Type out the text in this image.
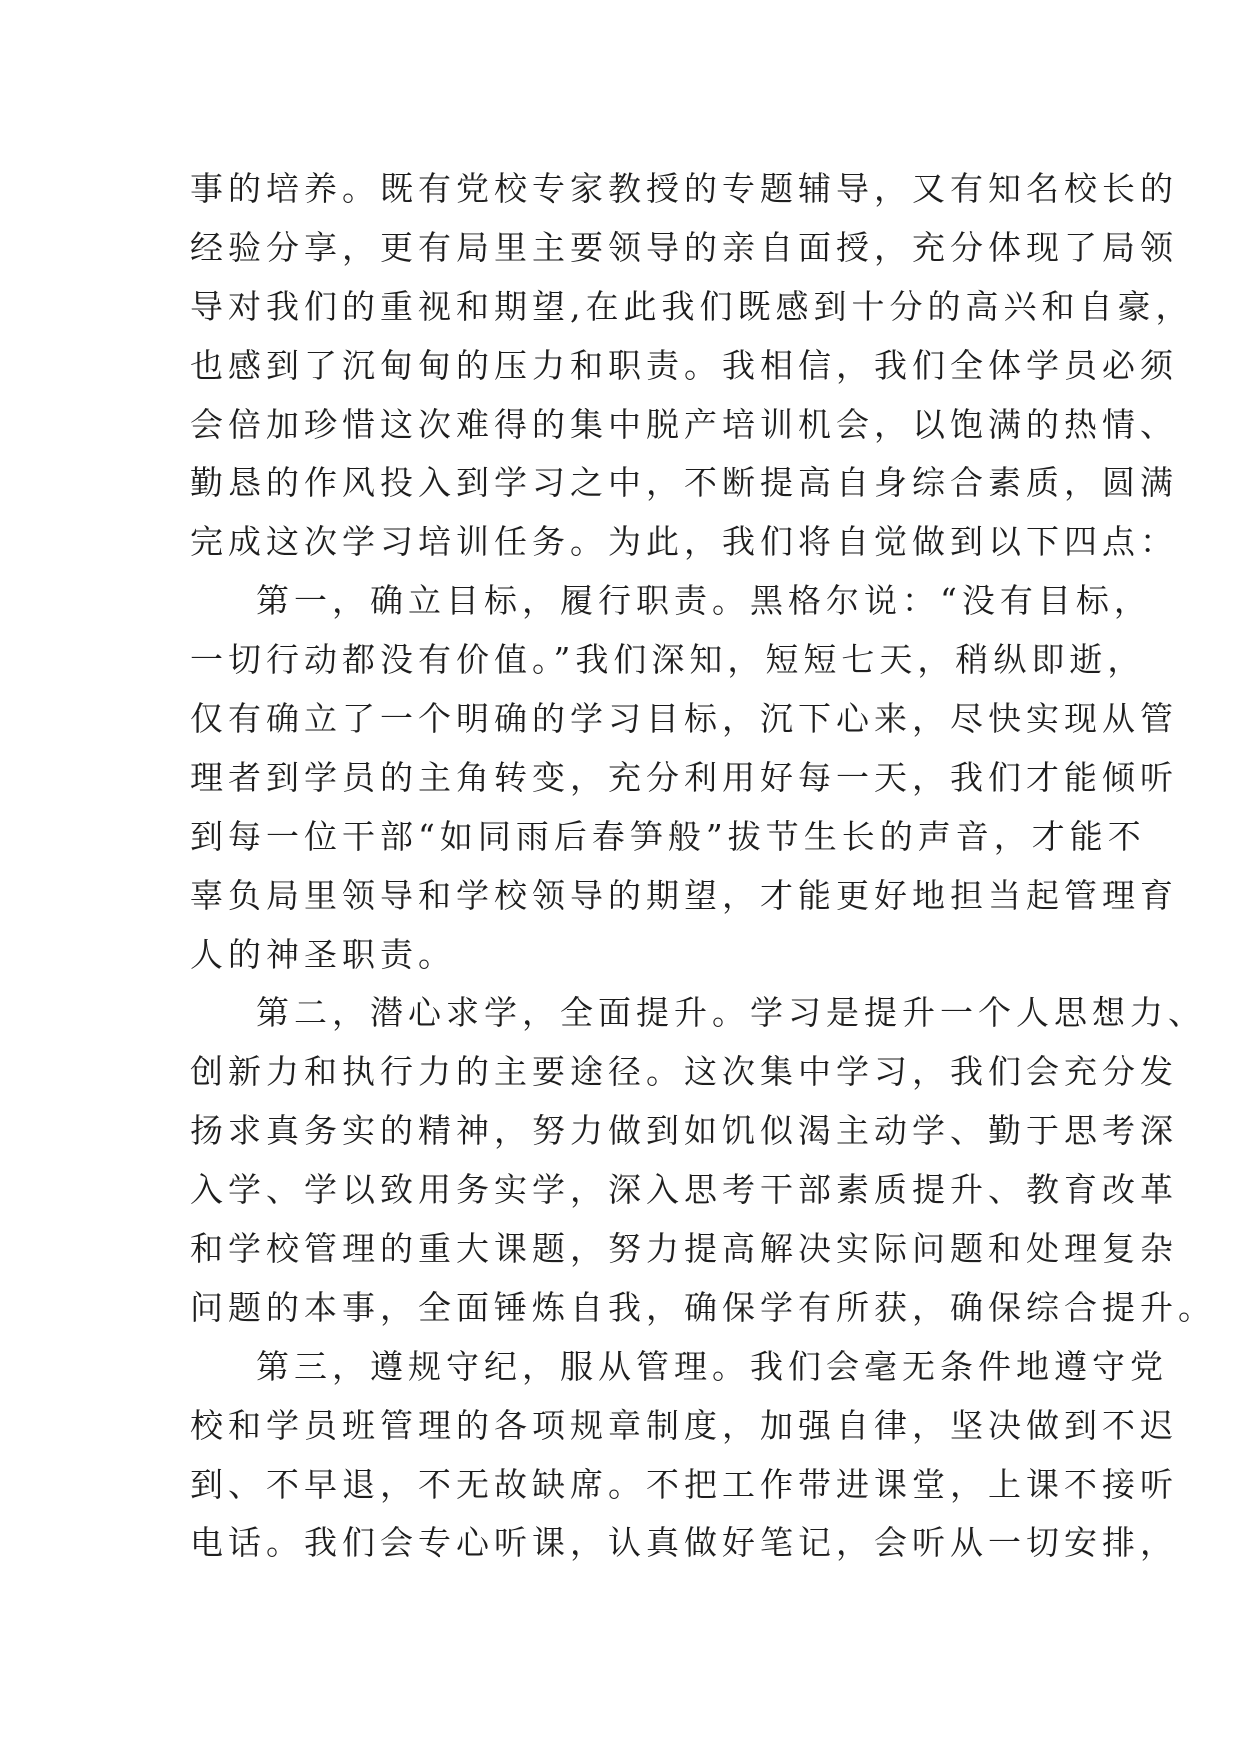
事的培养。既有党校专家教授的专题辅导，又有知名校长的
经验分享，更有局里主要领导的亲自面授，充分体现了局领
导对我们的重视和期望,在此我们既感到十分的高兴和自豪，
也感到了沉甸甸的压力和职责。我相信，我们全体学员必须
会倍加珍惜这次难得的集中脱产培训机会，以饱满的热情、
勤恳的作风投入到学习之中，不断提高自身综合素质，圆满
完成这次学习培训任务。为此，我们将自觉做到以下四点：
第一，确立目标，履行职责。黑格尔说：“没有目标，
一切行动都没有价值。”我们深知，短短七天，稍纵即逝，
仅有确立了一个明确的学习目标，沉下心来，尽快实现从管
理者到学员的主角转变，充分利用好每一天，我们才能倾听
到每一位干部“如同雨后春笋般”拔节生长的声音，才能不
辜负局里领导和学校领导的期望，才能更好地担当起管理育
人的神圣职责。
第二，潜心求学，全面提升。学习是提升一个人思想力、
创新力和执行力的主要途径。这次集中学习，我们会充分发
扬求真务实的精神，努力做到如饥似渴主动学、勤于思考深
入学、学以致用务实学，深入思考干部素质提升、教育改革
和学校管理的重大课题，努力提高解决实际问题和处理复杂
问题的本事，全面锤炼自我，确保学有所获，确保综合提升。
第三，遵规守纪，服从管理。我们会毫无条件地遵守党
校和学员班管理的各项规章制度，加强自律，坚决做到不迟
到、不早退，不无故缺席。不把工作带进课堂，上课不接听
电话。我们会专心听课，认真做好笔记，会听从一切安排，
